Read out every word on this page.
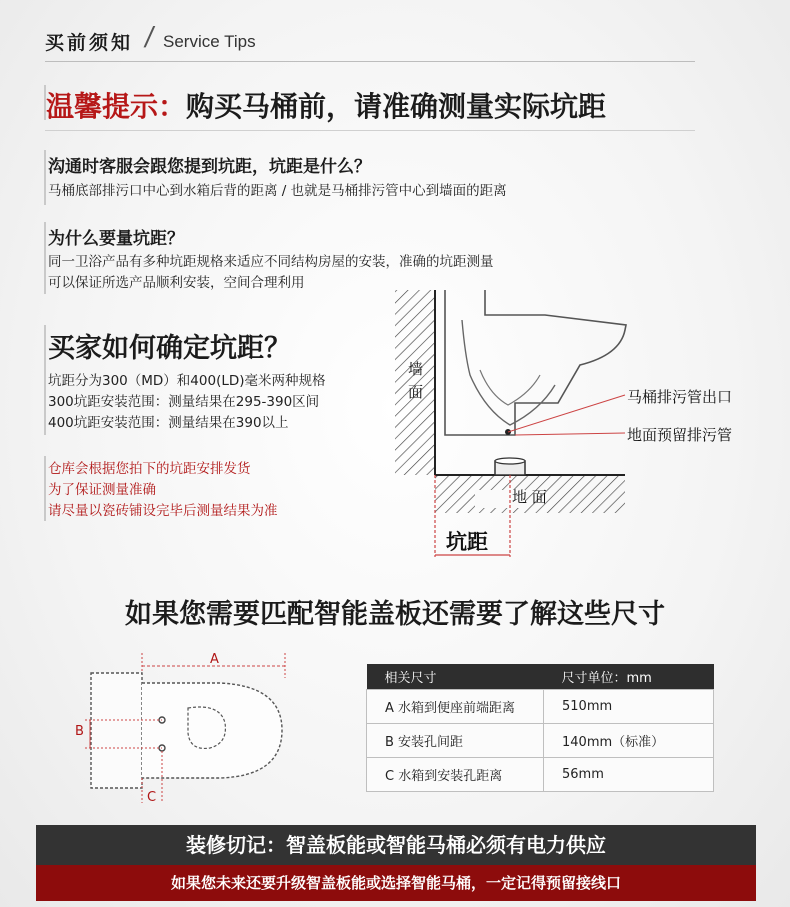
买前须知 / Service Tips
温馨提示：购买马桶前，请准确测量实际坑距
沟通时客服会跟您提到坑距，坑距是什么？
马桶底部排污口中心到水箱后背的距离 / 也就是马桶排污管中心到墙面的距离
为什么要量坑距？
同一卫浴产品有多种坑距规格来适应不同结构房屋的安装，准确的坑距测量
可以保证所选产品顺利安装，空间合理利用
买家如何确定坑距？
坑距分为300（MD）和400(LD)毫米两种规格
300坑距安装范围：测量结果在295-390区间
400坑距安装范围：测量结果在390以上
仓库会根据您拍下的坑距安排发货
为了保证测量准确
请尽量以瓷砖铺设完毕后测量结果为准
墙
面
地 面
马桶排污管出口
地面预留排污管
坑距
如果您需要匹配智能盖板还需要了解这些尺寸
A
B
C
相关尺寸	尺寸单位：mm
A 水箱到便座前端距离	510mm
B 安装孔间距	140mm（标准）
C 水箱到安装孔距离	56mm
装修切记：智盖板能或智能马桶必须有电力供应
如果您未来还要升级智盖板能或选择智能马桶，一定记得预留接线口
